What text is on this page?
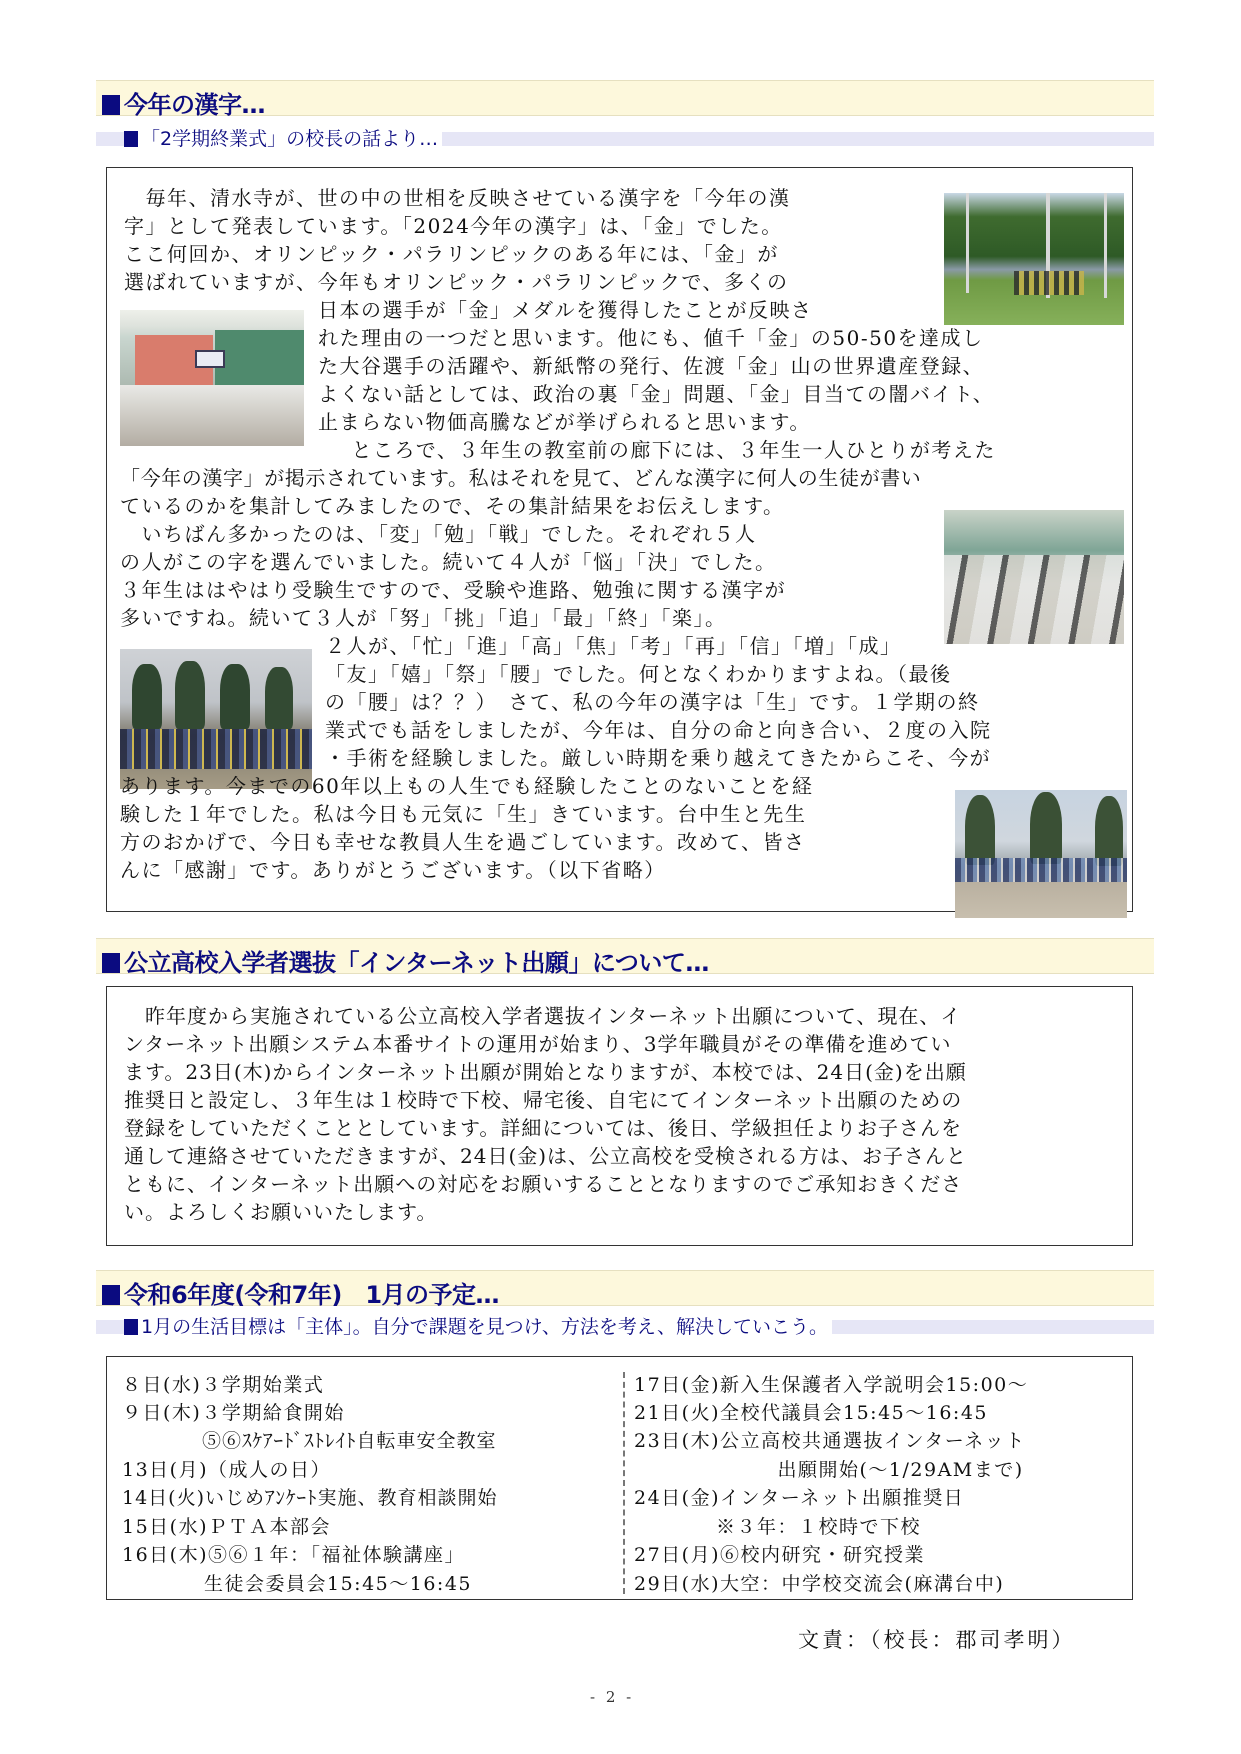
今年の漢字…
「2学期終業式」の校長の話より…
　毎年、清水寺が、世の中の世相を反映させている漢字を「今年の漢
字」として発表しています。「2024今年の漢字」は、「金」でした。
ここ何回か、オリンピック・パラリンピックのある年には、「金」が
選ばれていますが、今年もオリンピック・パラリンピックで、多くの
日本の選手が「金」メダルを獲得したことが反映さ
れた理由の一つだと思います。他にも、値千「金」の50-50を達成し
た大谷選手の活躍や、新紙幣の発行、佐渡「金」山の世界遺産登録、
よくない話としては、政治の裏「金」問題、「金」目当ての闇バイト、
止まらない物価高騰などが挙げられると思います。
　ところで、３年生の教室前の廊下には、３年生一人ひとりが考えた
「今年の漢字」が掲示されています。私はそれを見て、どんな漢字に何人の生徒が書い
ているのかを集計してみましたので、その集計結果をお伝えします。
　いちばん多かったのは、「変」「勉」「戦」でした。それぞれ５人
の人がこの字を選んでいました。続いて４人が「悩」「決」でした。
３年生ははやはり受験生ですので、受験や進路、勉強に関する漢字が
多いですね。続いて３人が「努」「挑」「追」「最」「終」「楽」。
２人が、「忙」「進」「高」「焦」「考」「再」「信」「増」「成」
「友」「嬉」「祭」「腰」でした。何となくわかりますよね。（最後
の「腰」は？？）　さて、私の今年の漢字は「生」です。１学期の終
業式でも話をしましたが、今年は、自分の命と向き合い、２度の入院
・手術を経験しました。厳しい時期を乗り越えてきたからこそ、今が
あります。今までの60年以上もの人生でも経験したことのないことを経
験した１年でした。私は今日も元気に「生」きています。台中生と先生
方のおかげで、今日も幸せな教員人生を過ごしています。改めて、皆さ
んに「感謝」です。ありがとうございます。（以下省略）
公立高校入学者選抜「インターネット出願」について…
　昨年度から実施されている公立高校入学者選抜インターネット出願について、現在、イ
ンターネット出願システム本番サイトの運用が始まり、3学年職員がその準備を進めてい
ます。23日(木)からインターネット出願が開始となりますが、本校では、24日(金)を出願
推奨日と設定し、３年生は１校時で下校、帰宅後、自宅にてインターネット出願のための
登録をしていただくこととしています。詳細については、後日、学級担任よりお子さんを
通して連絡させていただきますが、24日(金)は、公立高校を受検される方は、お子さんと
ともに、インターネット出願への対応をお願いすることとなりますのでご承知おきくださ
い。よろしくお願いいたします。
令和6年度(令和7年)　1月の予定…
1月の生活目標は「主体」。自分で課題を見つけ、方法を考え、解決していこう。
８日(水)３学期始業式
９日(木)３学期給食開始
　　　　⑤⑥ｽｹｱｰﾄﾞｽﾄﾚｲﾄ自転車安全教室
13日(月)（成人の日）
14日(火)いじめｱﾝｹｰﾄ実施、教育相談開始
15日(水)ＰＴＡ本部会
16日(木)⑤⑥１年：「福祉体験講座」
　　　　生徒会委員会15:45～16:45
17日(金)新入生保護者入学説明会15:00～
21日(火)全校代議員会15:45～16:45
23日(木)公立高校共通選抜インターネット
　　　　　　　出願開始(～1/29AMまで)
24日(金)インターネット出願推奨日
　　　　※３年：１校時で下校
27日(月)⑥校内研究・研究授業
29日(水)大空：中学校交流会(麻溝台中)
文責：（校長：郡司孝明）
- 2 -
